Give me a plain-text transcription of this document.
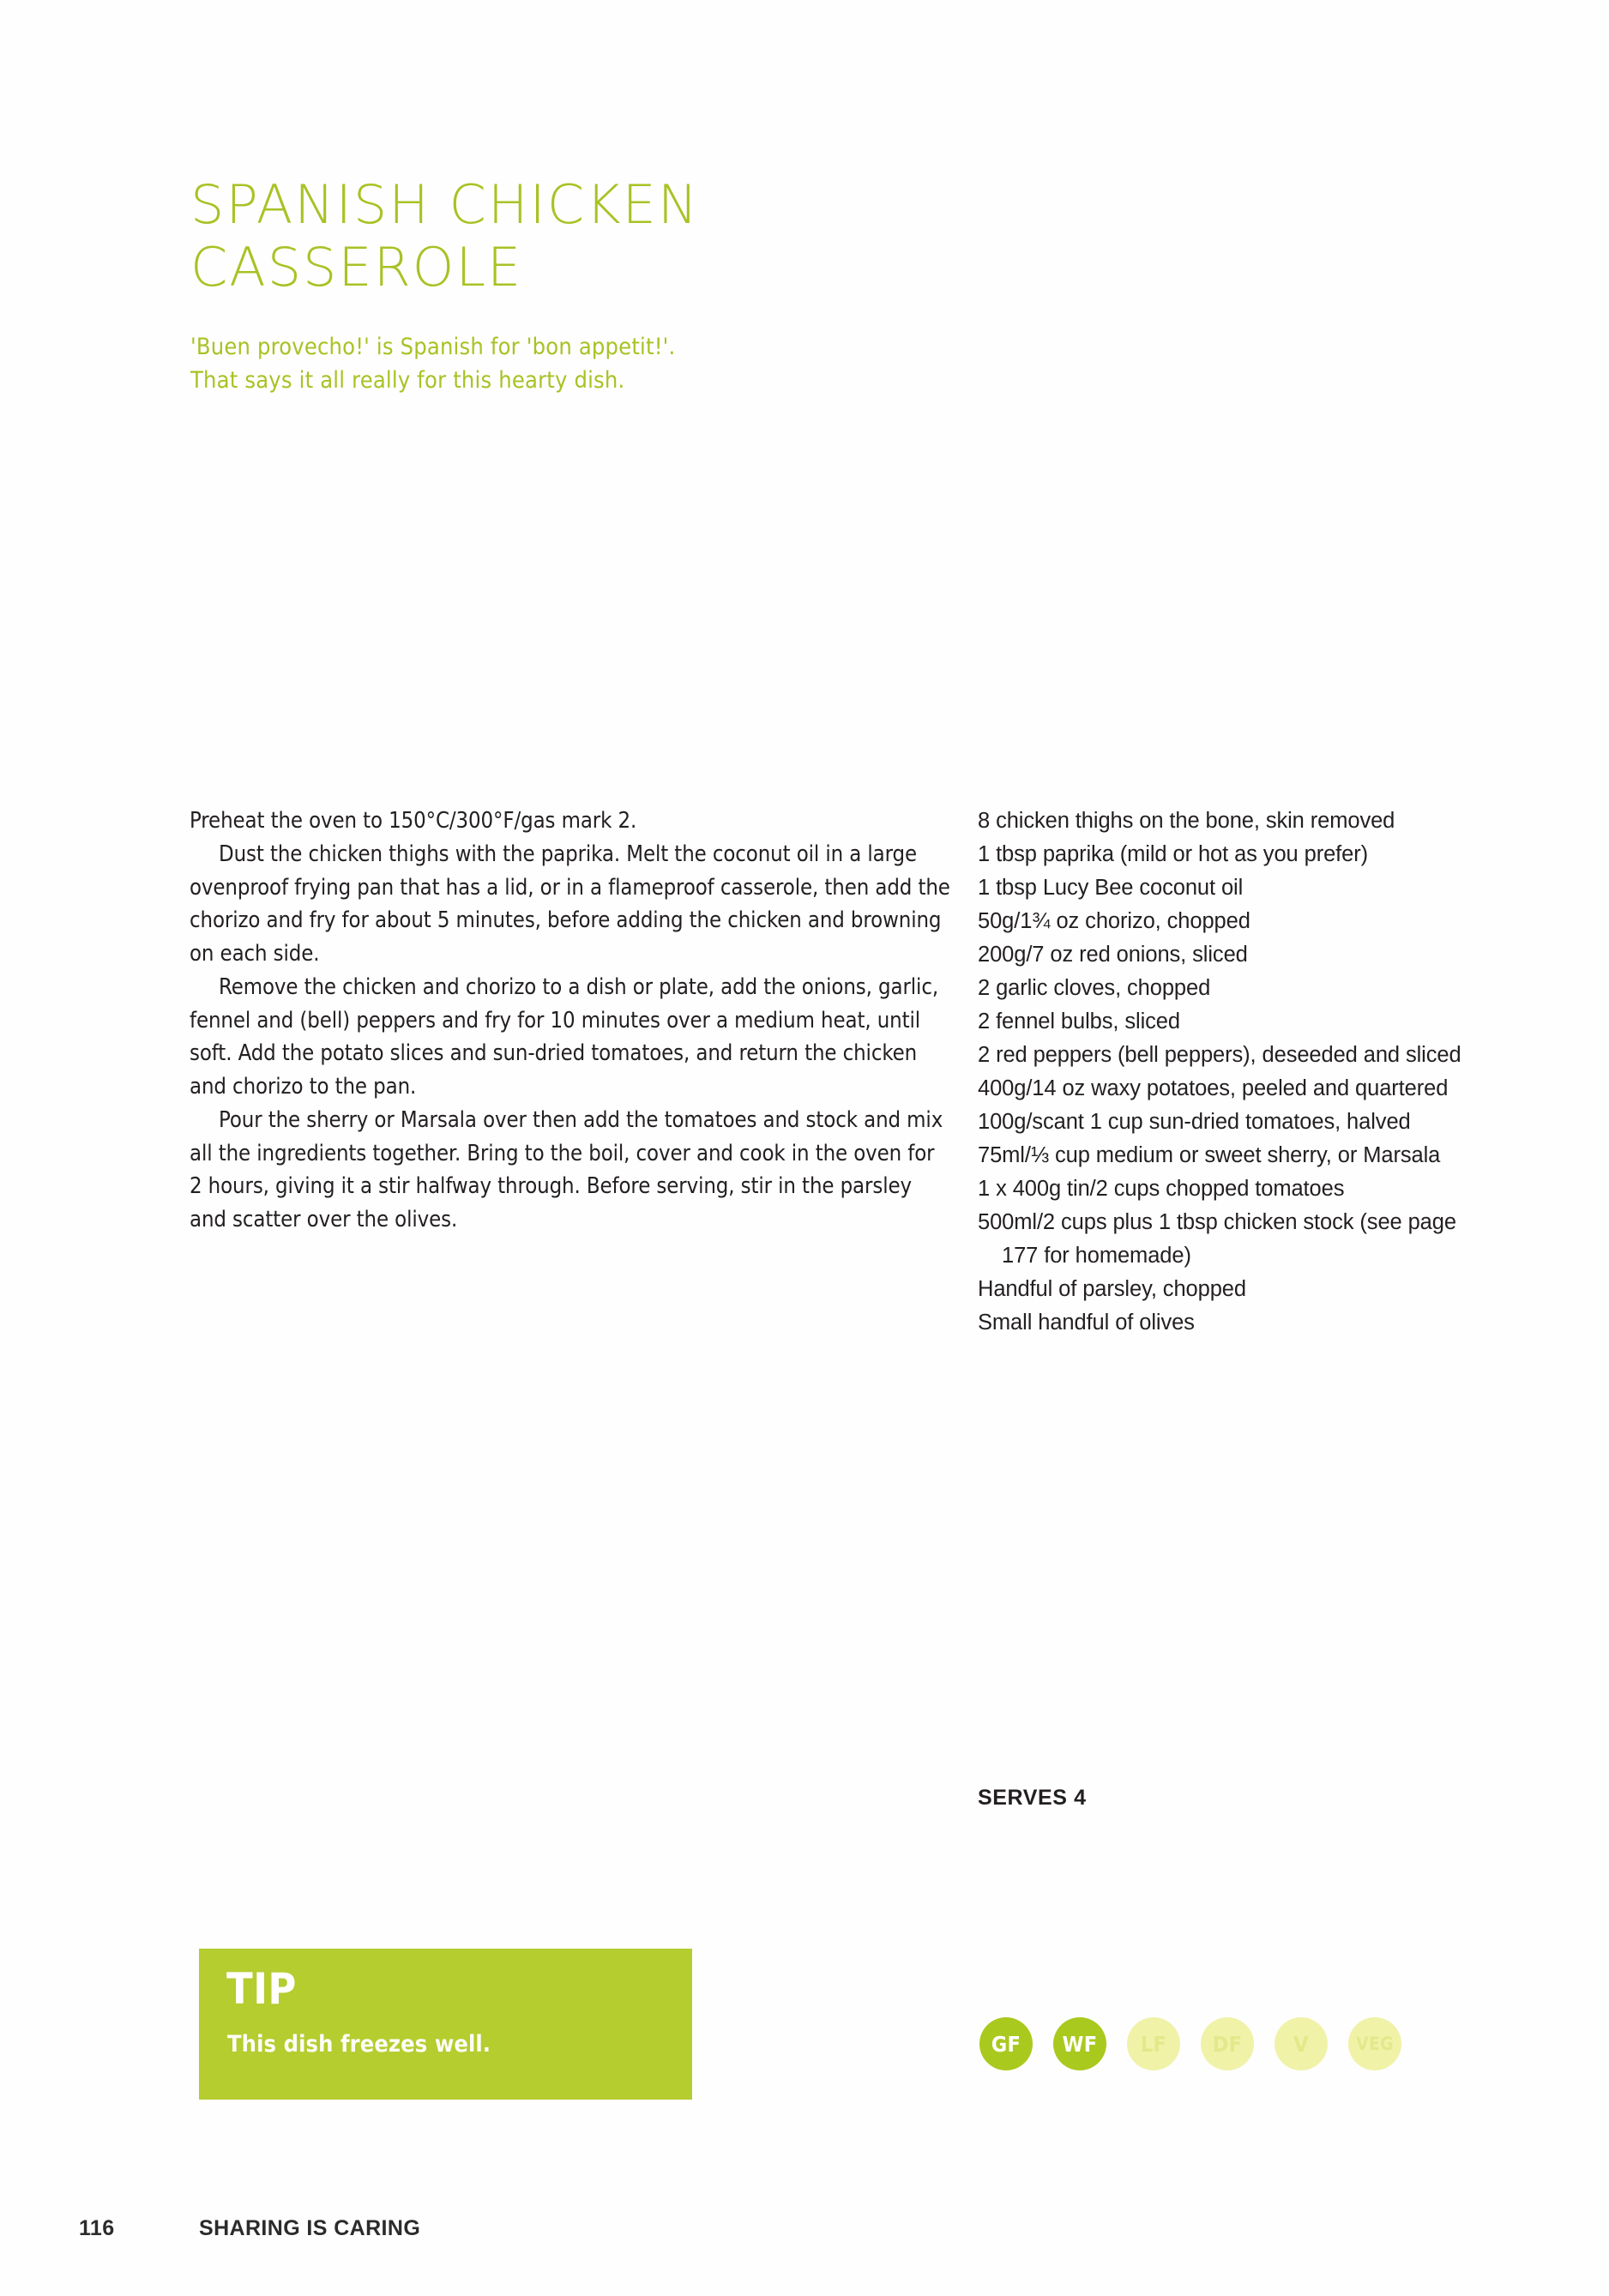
SPANISH CHICKEN
CASSEROLE
'Buen provecho!' is Spanish for 'bon appetit!'.
That says it all really for this hearty dish.

Preheat the oven to 150°C/300°F/gas mark 2.

Dust the chicken thighs with the paprika. Melt the coconut oil in a large ovenproof frying pan that has a lid, or in a flameproof casserole, then add the chorizo and fry for about 5 minutes, before adding the chicken and browning on each side.

Remove the chicken and chorizo to a dish or plate, add the onions, garlic, fennel and (bell) peppers and fry for 10 minutes over a medium heat, until soft. Add the potato slices and sun-dried tomatoes, and return the chicken and chorizo to the pan.

Pour the sherry or Marsala over then add the tomatoes and stock and mix all the ingredients together. Bring to the boil, cover and cook in the oven for 2 hours, giving it a stir halfway through. Before serving, stir in the parsley and scatter over the olives.

8 chicken thighs on the bone, skin removed
1 tbsp paprika (mild or hot as you prefer)
1 tbsp Lucy Bee coconut oil
50g/1¾ oz chorizo, chopped
200g/7 oz red onions, sliced
2 garlic cloves, chopped
2 fennel bulbs, sliced
2 red peppers (bell peppers), deseeded and sliced
400g/14 oz waxy potatoes, peeled and quartered
100g/scant 1 cup sun-dried tomatoes, halved
75ml/⅓ cup medium or sweet sherry, or Marsala
1 x 400g tin/2 cups chopped tomatoes
500ml/2 cups plus 1 tbsp chicken stock (see page 177 for homemade)
Handful of parsley, chopped
Small handful of olives
SERVES 4
TIP
This dish freezes well.	GF	WF	LF	DF	V	VEG
116	SHARING IS CARING
